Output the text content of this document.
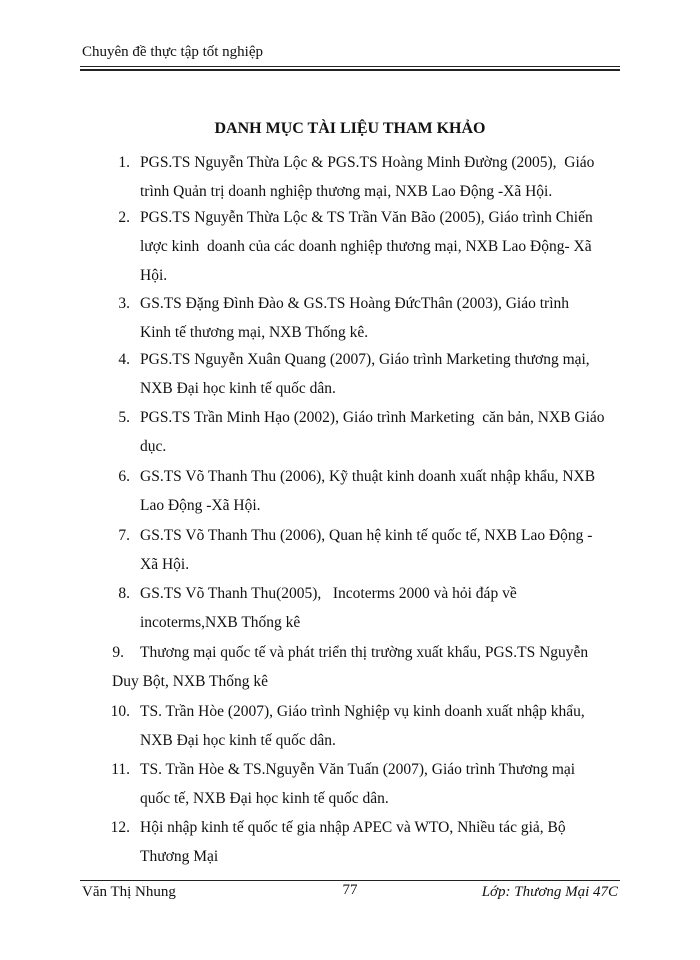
Chuyên đề thực tập tốt nghiệp
DANH MỤC TÀI LIỆU THAM KHẢO
1. PGS.TS Nguyễn Thừa Lộc & PGS.TS Hoàng Minh Đường (2005),  Giáo
trình Quản trị doanh nghiệp thương mại, NXB Lao Động -Xã Hội.
2. PGS.TS Nguyễn Thừa Lộc & TS Trần Văn Bão (2005), Giáo trình Chiến
lược kinh  doanh của các doanh nghiệp thương mại, NXB Lao Động- Xã
Hội.
3. GS.TS Đặng Đình Đào & GS.TS Hoàng ĐứcThân (2003), Giáo trình
Kinh tế thương mại, NXB Thống kê.
4. PGS.TS Nguyễn Xuân Quang (2007), Giáo trình Marketing thương mại,
NXB Đại học kinh tế quốc dân.
5. PGS.TS Trần Minh Hạo (2002), Giáo trình Marketing  căn bản, NXB Giáo
dục.
6. GS.TS Võ Thanh Thu (2006), Kỹ thuật kinh doanh xuất nhập khẩu, NXB
Lao Động -Xã Hội.
7. GS.TS Võ Thanh Thu (2006), Quan hệ kinh tế quốc tế, NXB Lao Động -
Xã Hội.
8. GS.TS Võ Thanh Thu(2005),   Incoterms 2000 và hỏi đáp về
incoterms,NXB Thống kê
9. Thương mại quốc tế và phát triển thị trường xuất khẩu, PGS.TS Nguyễn
Duy Bột, NXB Thống kê
10. TS. Trần Hòe (2007), Giáo trình Nghiệp vụ kinh doanh xuất nhập khẩu,
NXB Đại học kinh tế quốc dân.
11. TS. Trần Hòe & TS.Nguyễn Văn Tuấn (2007), Giáo trình Thương mại
quốc tế, NXB Đại học kinh tế quốc dân.
12. Hội nhập kinh tế quốc tế gia nhập APEC và WTO, Nhiều tác giả, Bộ
Thương Mại
Văn Thị Nhung	77	Lớp: Thương Mại 47C
